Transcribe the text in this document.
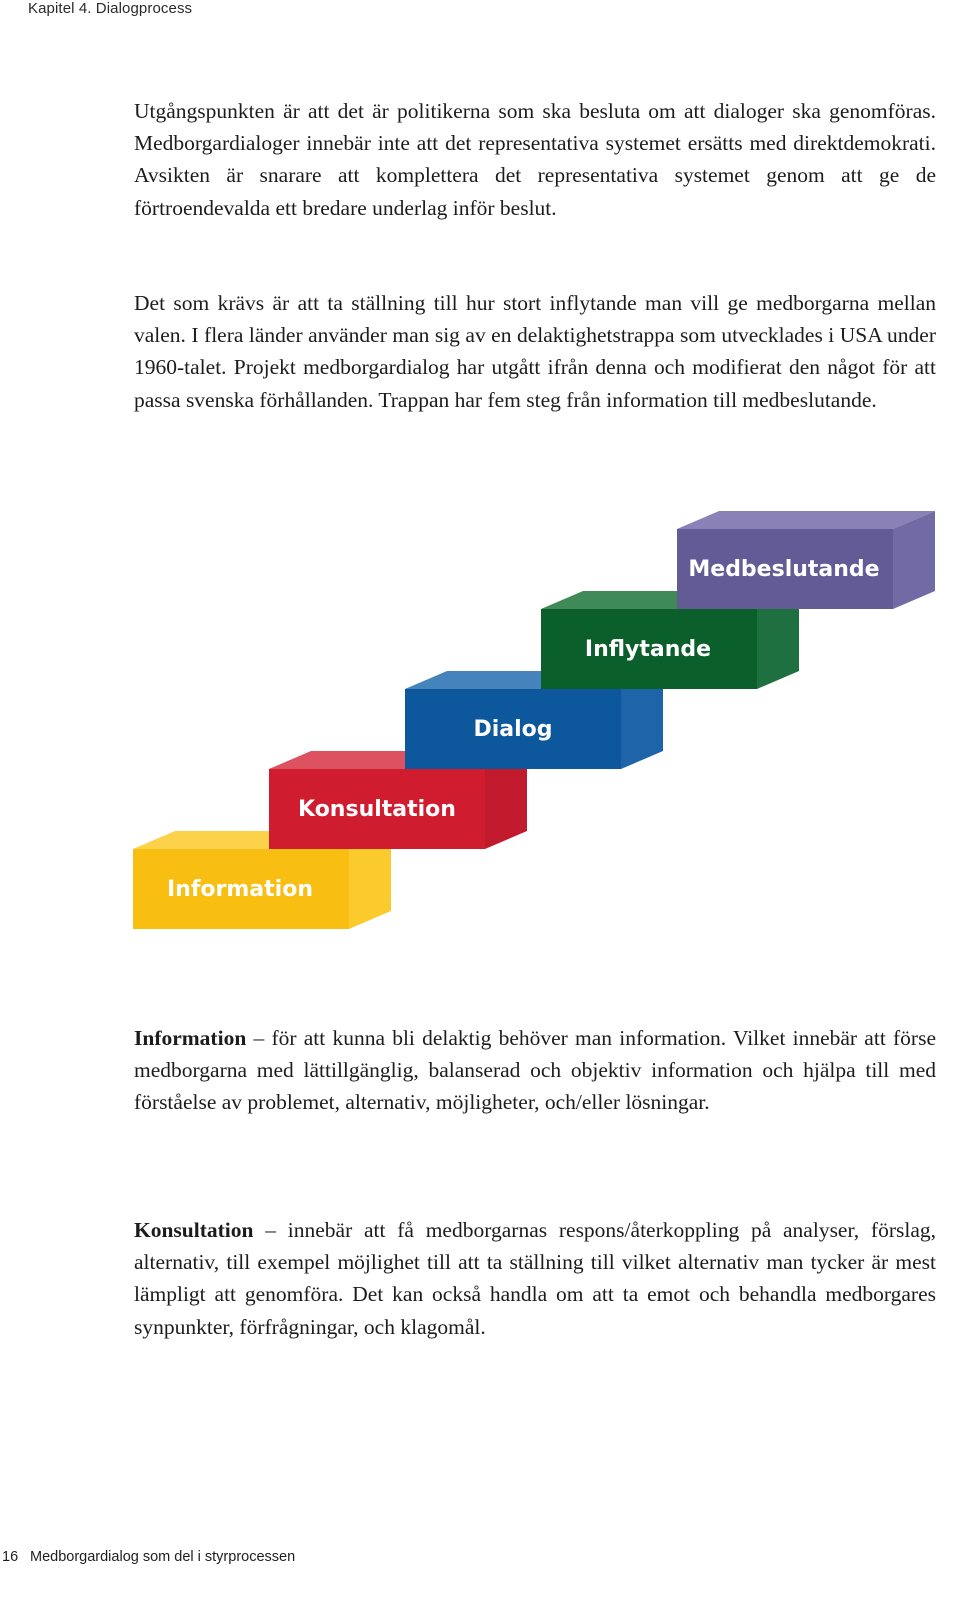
Kapitel 4. Dialogprocess

Utgångspunkten är att det är politikerna som ska besluta om att dialoger ska genomföras. Medborgardialoger innebär inte att det representativa systemet ersätts med direktdemokrati. Avsikten är snarare att komplettera det representativa systemet genom att ge de förtroendevalda ett bredare underlag inför beslut.

Det som krävs är att ta ställning till hur stort inflytande man vill ge medborgarna mellan valen. I flera länder använder man sig av en delaktighetstrappa som utvecklades i USA under 1960-talet. Projekt medborgardialog har utgått ifrån denna och modifierat den något för att passa svenska förhållanden. Trappan har fem steg från information till medbeslutande.

Information
Konsultation
Dialog
Inflytande
Medbeslutande

Information – för att kunna bli delaktig behöver man information. Vilket innebär att förse medborgarna med lättillgänglig, balanserad och objektiv information och hjälpa till med förståelse av problemet, alternativ, möjligheter, och/eller lösningar.

Konsultation – innebär att få medborgarnas respons/återkoppling på analyser, förslag, alternativ, till exempel möjlighet till att ta ställning till vilket alternativ man tycker är mest lämpligt att genomföra. Det kan också handla om att ta emot och behandla medborgares synpunkter, förfrågningar, och klagomål.

16 Medborgardialog som del i styrprocessen
